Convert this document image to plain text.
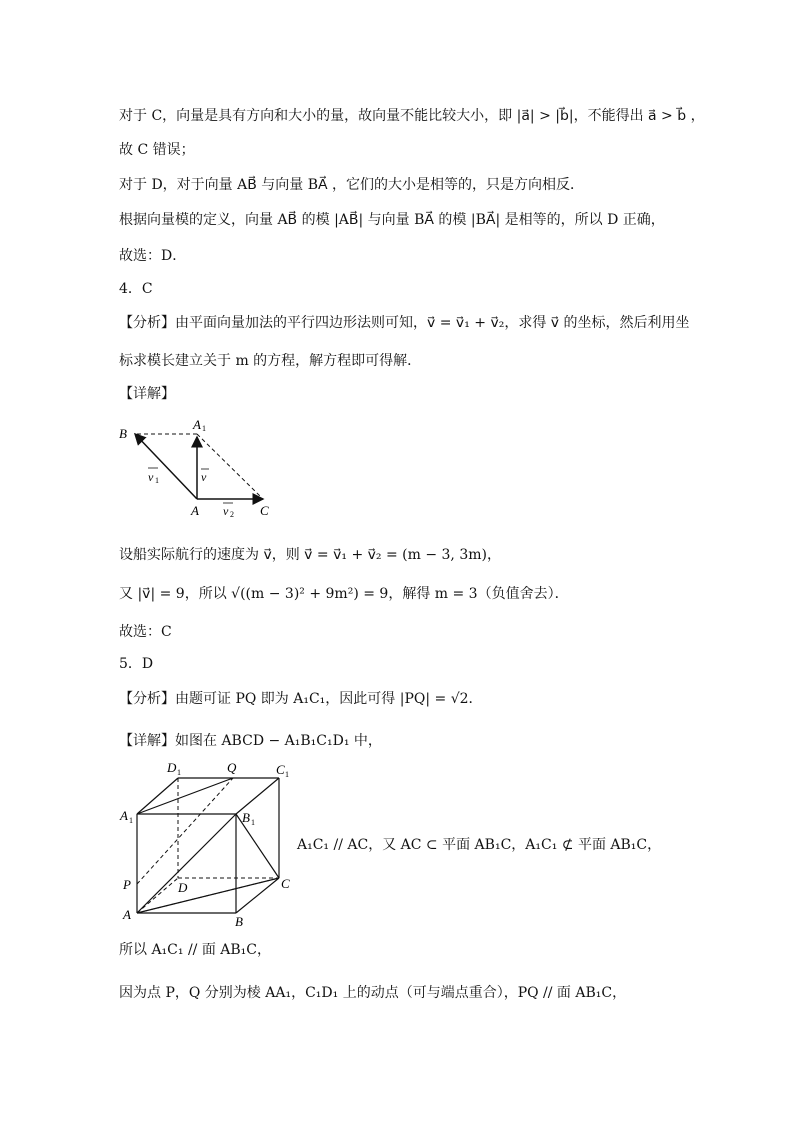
对于 C，向量是具有方向和大小的量，故向量不能比较大小，即 |a⃗| > |b⃗|，不能得出 a⃗ > b⃗ ，
故 C 错误；
对于 D，对于向量 AB⃗ 与向量 BA⃗ ，它们的大小是相等的，只是方向相反．
根据向量模的定义，向量 AB⃗ 的模 |AB⃗| 与向量 BA⃗ 的模 |BA⃗| 是相等的，所以 D 正确，
故选：D．
4．C
【分析】由平面向量加法的平行四边形法则可知，v⃗ = v⃗₁ + v⃗₂，求得 v⃗ 的坐标，然后利用坐
标求模长建立关于 m 的方程，解方程即可得解．
【详解】
B
A 1
A	C
v 1	v
v 2
设船实际航行的速度为 v⃗，则 v⃗ = v⃗₁ + v⃗₂ = (m − 3, 3m)，
又 |v⃗| = 9，所以 √((m − 3)² + 9m²) = 9，解得 m = 3（负值舍去）．
故选：C
5．D
【分析】由题可证 PQ 即为 A₁C₁，因此可得 |PQ| = √2．
【详解】如图在 ABCD − A₁B₁C₁D₁ 中，
D 1	Q	C 1
A 1	B 1
P	D	C
A	B
A₁C₁ // AC，又 AC ⊂ 平面 AB₁C，A₁C₁ ⊄ 平面 AB₁C，
所以 A₁C₁ // 面 AB₁C，
因为点 P，Q 分别为棱 AA₁，C₁D₁ 上的动点（可与端点重合），PQ // 面 AB₁C，
